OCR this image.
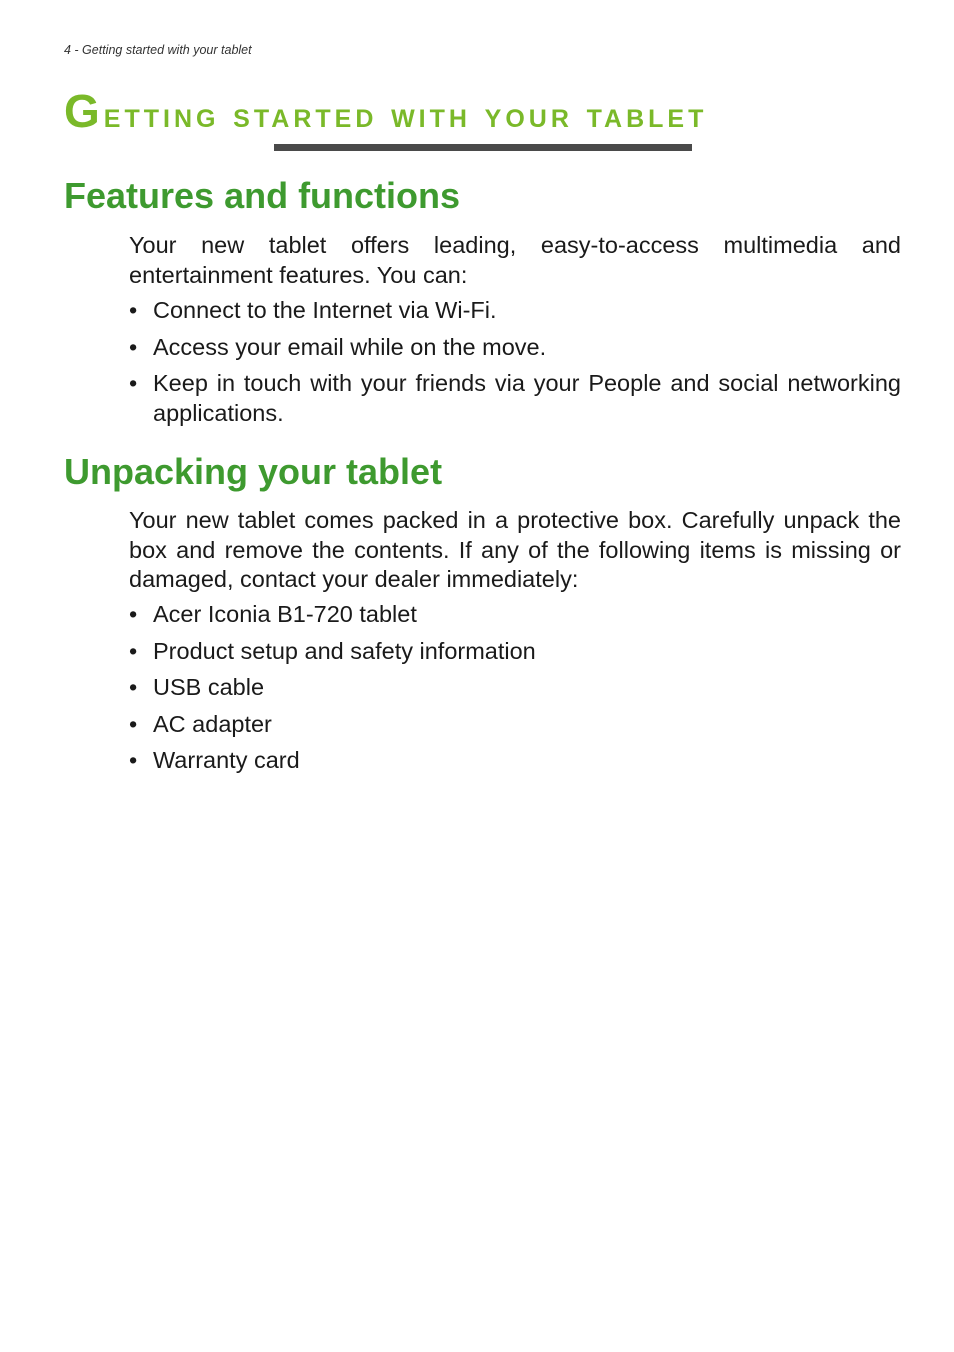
4 - Getting started with your tablet
Getting started with your tablet
Features and functions

Your new tablet offers leading, easy-to-access multimedia and entertainment features. You can:

• Connect to the Internet via Wi-Fi.
• Access your email while on the move.
• Keep in touch with your friends via your People and social networking applications.
Unpacking your tablet

Your new tablet comes packed in a protective box. Carefully unpack the box and remove the contents. If any of the following items is missing or damaged, contact your dealer immediately:

• Acer Iconia B1-720 tablet
• Product setup and safety information
• USB cable
• AC adapter
• Warranty card
